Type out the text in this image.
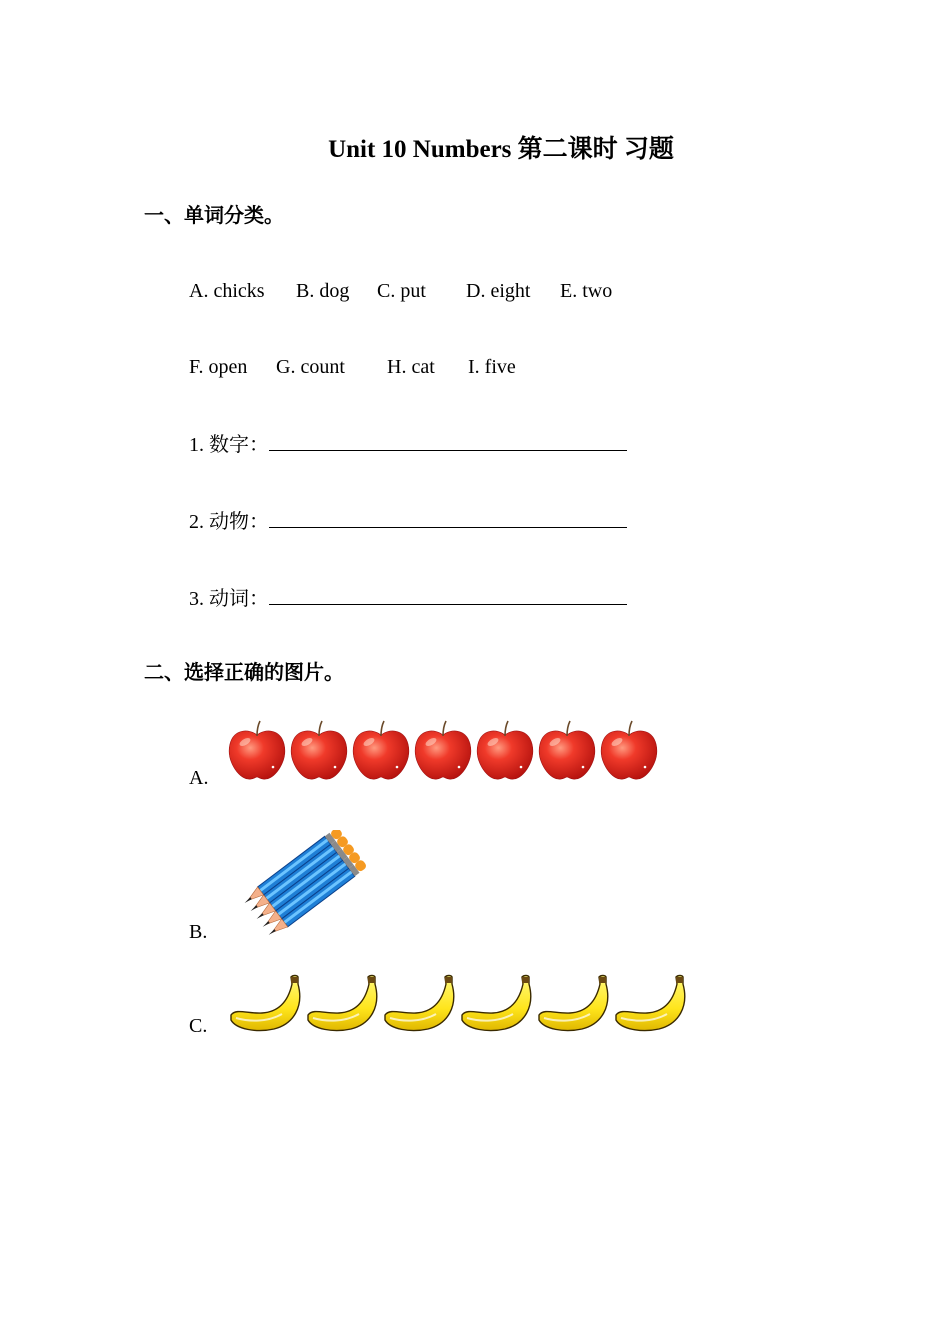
Unit 10 Numbers 第二课时 习题
一、单词分类。
A. chicks B. dog C. put D. eight E. two
F. open G. count H. cat I. five
1. 数字：
2. 动物：
3. 动词：
二、选择正确的图片。
A.
B.
C.
